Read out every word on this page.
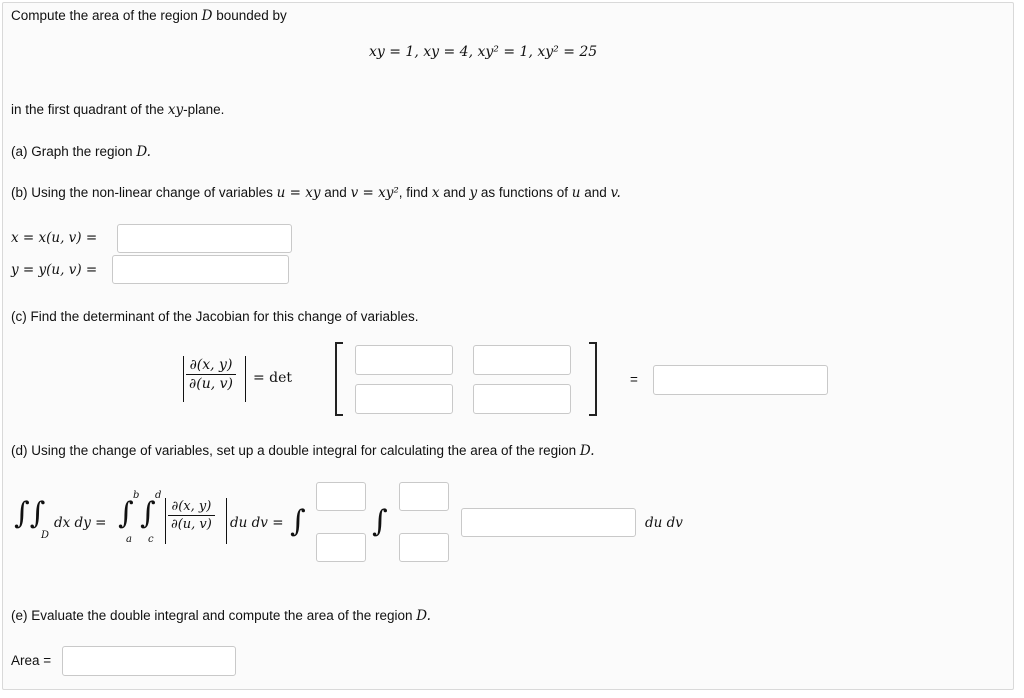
Compute the area of the region D bounded by
xy = 1, xy = 4, xy² = 1, xy² = 25
in the first quadrant of the xy-plane.
(a) Graph the region D.
(b) Using the non-linear change of variables u = xy and v = xy², find x and y as functions of u and v.
x = x(u, v) =
y = y(u, v) =
(c) Find the determinant of the Jacobian for this change of variables.
$\frac{\partial(x, y)}{\partial(u, v)} = \det$	=
(d) Using the change of variables, set up a double integral for calculating the area of the region D.
∫∫
D
dx dy = ∫
b
a
∫
d
c
$\frac{\partial(x, y)}{\partial(u, v)}$ du dv = ∫ ∫	du dv
(e) Evaluate the double integral and compute the area of the region D.
Area =
